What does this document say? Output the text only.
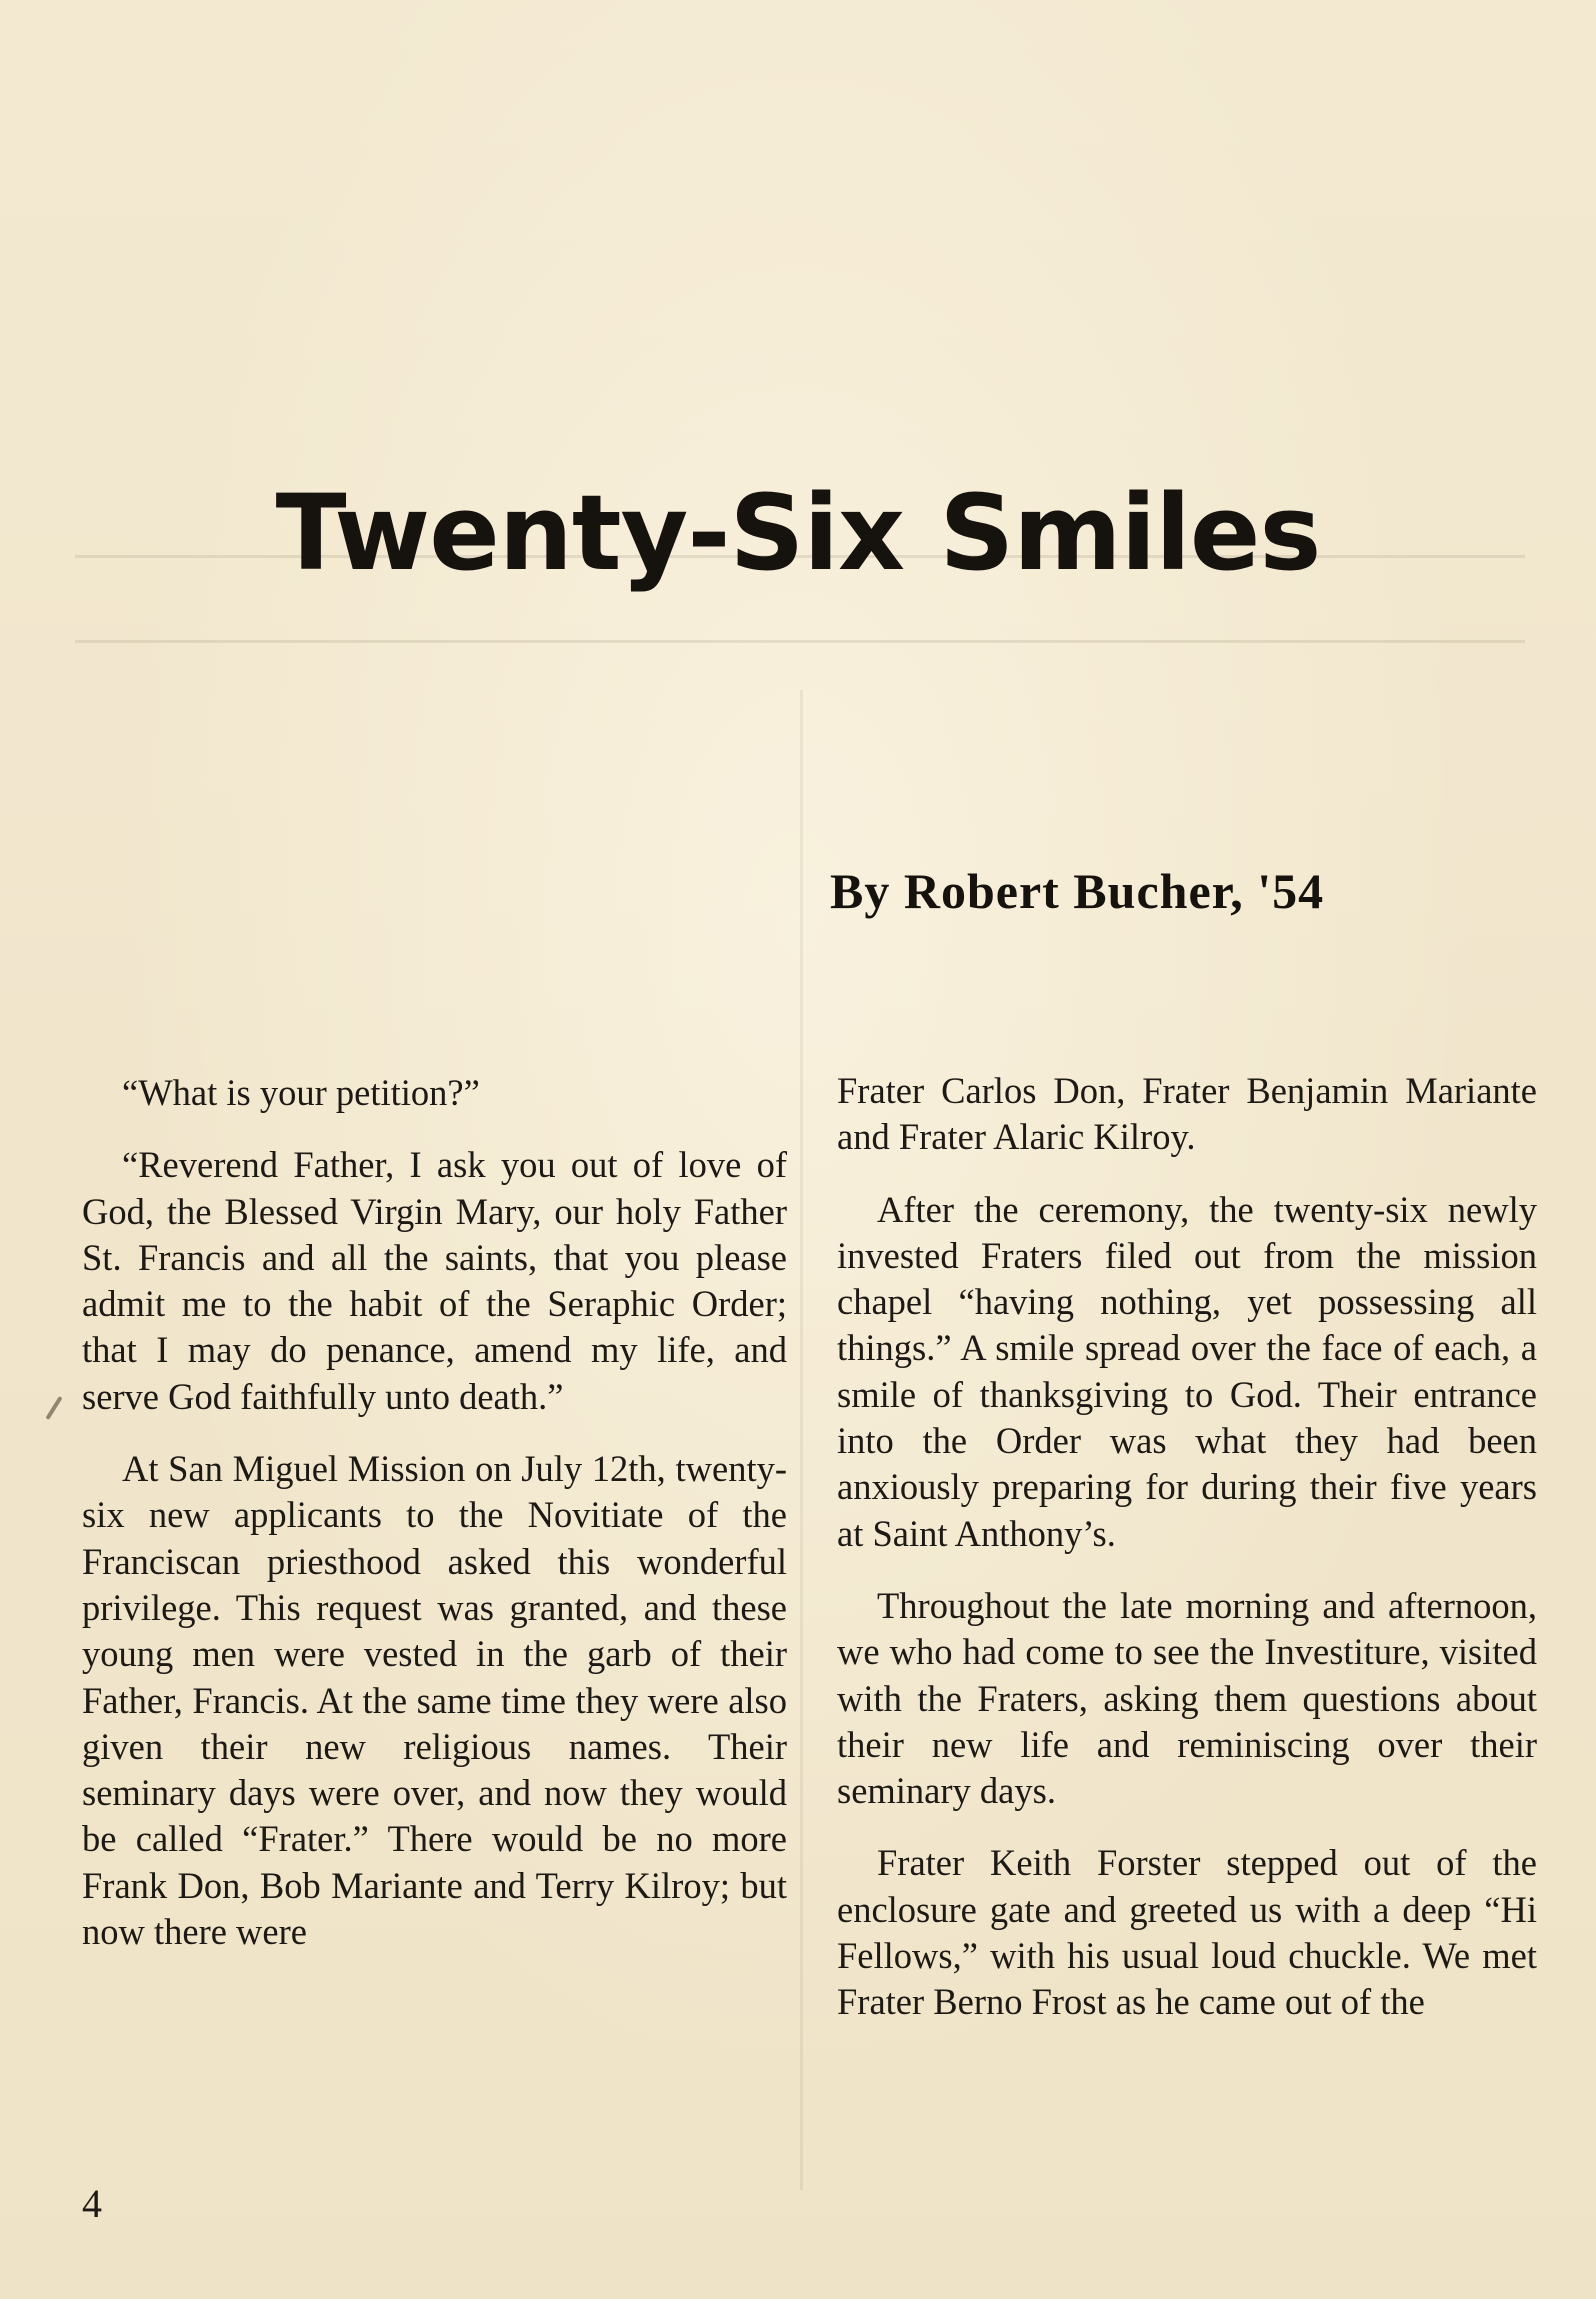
Twenty-Six Smiles
By Robert Bucher, '54

“What is your petition?”

“Reverend Father, I ask you out of love of God, the Blessed Virgin Mary, our holy Father St. Francis and all the saints, that you please admit me to the habit of the Seraphic Order; that I may do penance, amend my life, and serve God faithfully unto death.”

At San Miguel Mission on July 12th, twenty-six new applicants to the Novitiate of the Franciscan priesthood asked this wonderful privilege. This request was granted, and these young men were vested in the garb of their Father, Francis. At the same time they were also given their new religious names. Their seminary days were over, and now they would be called “Frater.” There would be no more Frank Don, Bob Mariante and Terry Kilroy; but now there were

Frater Carlos Don, Frater Benjamin Mariante and Frater Alaric Kilroy.

After the ceremony, the twenty-six newly invested Fraters filed out from the mission chapel “having nothing, yet possessing all things.” A smile spread over the face of each, a smile of thanksgiving to God. Their entrance into the Order was what they had been anxiously preparing for during their five years at Saint Anthony’s.

Throughout the late morning and afternoon, we who had come to see the Investiture, visited with the Fraters, asking them questions about their new life and reminiscing over their seminary days.

Frater Keith Forster stepped out of the enclosure gate and greeted us with a deep “Hi Fellows,” with his usual loud chuckle. We met Frater Berno Frost as he came out of the

4
